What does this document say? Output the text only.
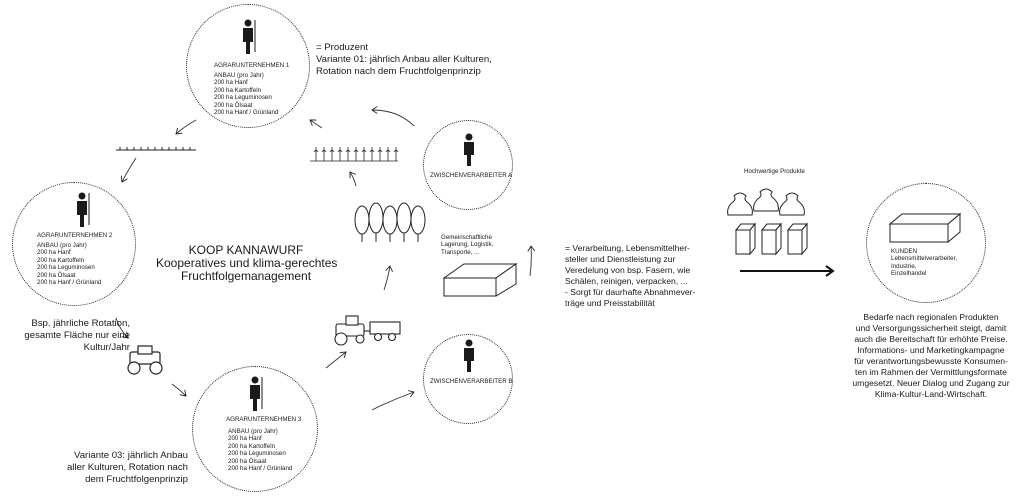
AGRARUNTERNEHMEN 1
ANBAU (pro Jahr)
200 ha Hanf
200 ha Kartoffeln
200 ha Leguminosen
200 ha Ölsaat
200 ha Hanf / Grünland
= Produzent
Variante 01: jährlich Anbau aller Kulturen,
Rotation nach dem Fruchtfolgenprinzip
AGRARUNTERNEHMEN 2
ANBAU (pro Jahr)
200 ha Hanf
200 ha Kartoffeln
200 ha Leguminosen
200 ha Ölsaat
200 ha Hanf / Grünland
Bsp. jährliche Rotation,
gesamte Fläche nur eine
Kultur/Jahr
AGRARUNTERNEHMEN 3
ANBAU (pro Jahr)
200 ha Hanf
200 ha Kartoffeln
200 ha Leguminosen
200 ha Ölsaat
200 ha Hanf / Grünland
Variante 03: jährlich Anbau
aller Kulturen, Rotation nach
dem Fruchtfolgenprinzip
KOOP KANNAWURF
Kooperatives und klima-gerechtes
Fruchtfolgemanagement
ZWISCHENVERARBEITER A
ZWISCHENVERARBEITER B
Gemeinschaftliche
Lagerung, Logistik,
Transporte, ...	= Verarbeitung, Lebensmittelher-
steller und Dienstleistung zur
Veredelung von bsp. Fasern, wie
Schälen, reinigen, verpacken, ...
- Sorgt für daurhafte Abnahmever-
träge und Preisstabilität
Hochwertige Produkte
KUNDEN
Lebensmittelverarbeiter,
Industrie,
Einzelhandel
Bedarfe nach regionalen Produkten
und Versorgungssicherheit steigt, damit
auch die Bereitschaft für erhöhte Preise.
Informations- und Marketingkampagne
für verantwortungsbewusste Konsumen-
ten im Rahmen der Vermittlungsformate
umgesetzt. Neuer Dialog und Zugang zur
Klima-Kultur-Land-Wirtschaft.
